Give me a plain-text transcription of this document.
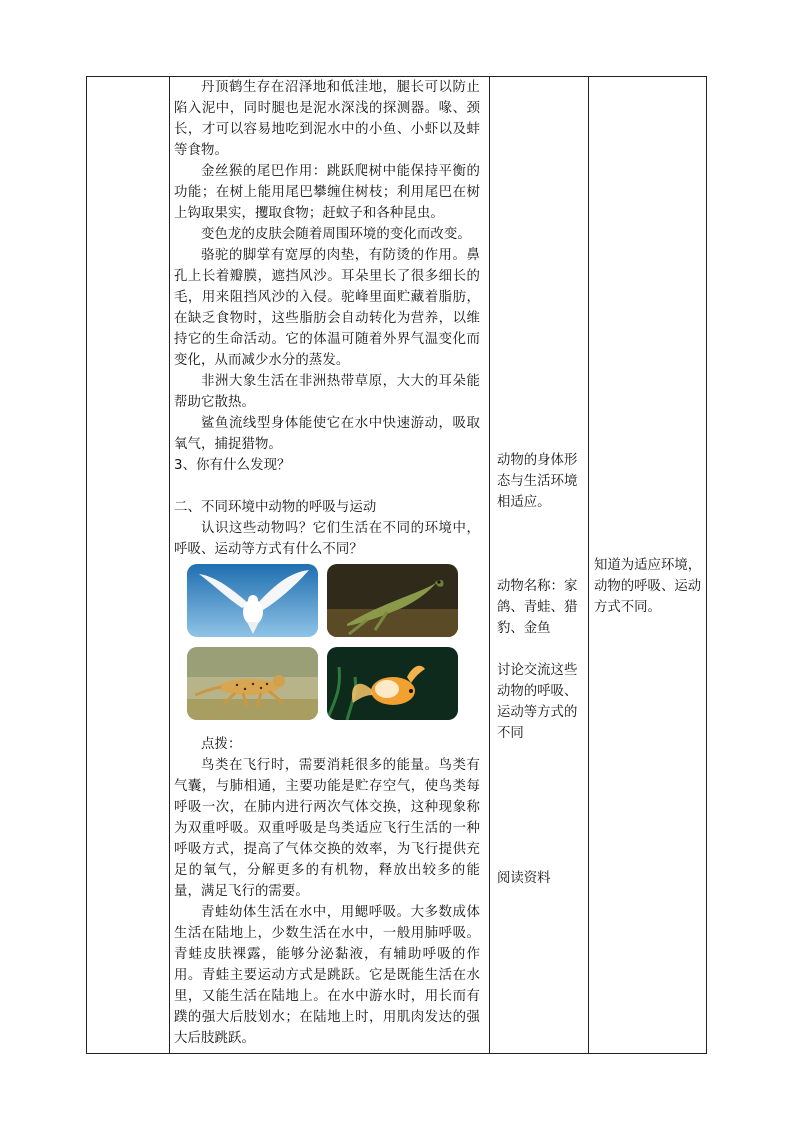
丹顶鹤生存在沼泽地和低洼地，腿长可以防止陷入泥中，同时腿也是泥水深浅的探测器。喙、颈长，才可以容易地吃到泥水中的小鱼、小虾以及蚌等食物。

金丝猴的尾巴作用：跳跃爬树中能保持平衡的功能；在树上能用尾巴攀缠住树枝；利用尾巴在树上钩取果实，攫取食物；赶蚊子和各种昆虫。

变色龙的皮肤会随着周围环境的变化而改变。

骆驼的脚掌有宽厚的肉垫，有防烫的作用。鼻孔上长着瓣膜，遮挡风沙。耳朵里长了很多细长的毛，用来阻挡风沙的入侵。驼峰里面贮藏着脂肪，在缺乏食物时，这些脂肪会自动转化为营养，以维持它的生命活动。它的体温可随着外界气温变化而变化，从而减少水分的蒸发。

非洲大象生活在非洲热带草原，大大的耳朵能帮助它散热。

鲨鱼流线型身体能使它在水中快速游动，吸取氧气，捕捉猎物。

3、你有什么发现？

二、不同环境中动物的呼吸与运动

认识这些动物吗？它们生活在不同的环境中，呼吸、运动等方式有什么不同？

点拨：

鸟类在飞行时，需要消耗很多的能量。鸟类有气囊，与肺相通，主要功能是贮存空气，使鸟类每呼吸一次，在肺内进行两次气体交换，这种现象称为双重呼吸。双重呼吸是鸟类适应飞行生活的一种呼吸方式，提高了气体交换的效率，为飞行提供充足的氧气，分解更多的有机物，释放出较多的能量，满足飞行的需要。

青蛙幼体生活在水中，用鳃呼吸。大多数成体生活在陆地上，少数生活在水中，一般用肺呼吸。青蛙皮肤裸露，能够分泌黏液，有辅助呼吸的作用。青蛙主要运动方式是跳跃。它是既能生活在水里，又能生活在陆地上。在水中游水时，用长而有蹼的强大后肢划水；在陆地上时，用肌肉发达的强大后肢跳跃。

动物的身体形态与生活环境相适应。

动物名称：家鸽、青蛙、猎豹、金鱼

讨论交流这些动物的呼吸、运动等方式的不同

阅读资料

知道为适应环境，动物的呼吸、运动方式不同。
